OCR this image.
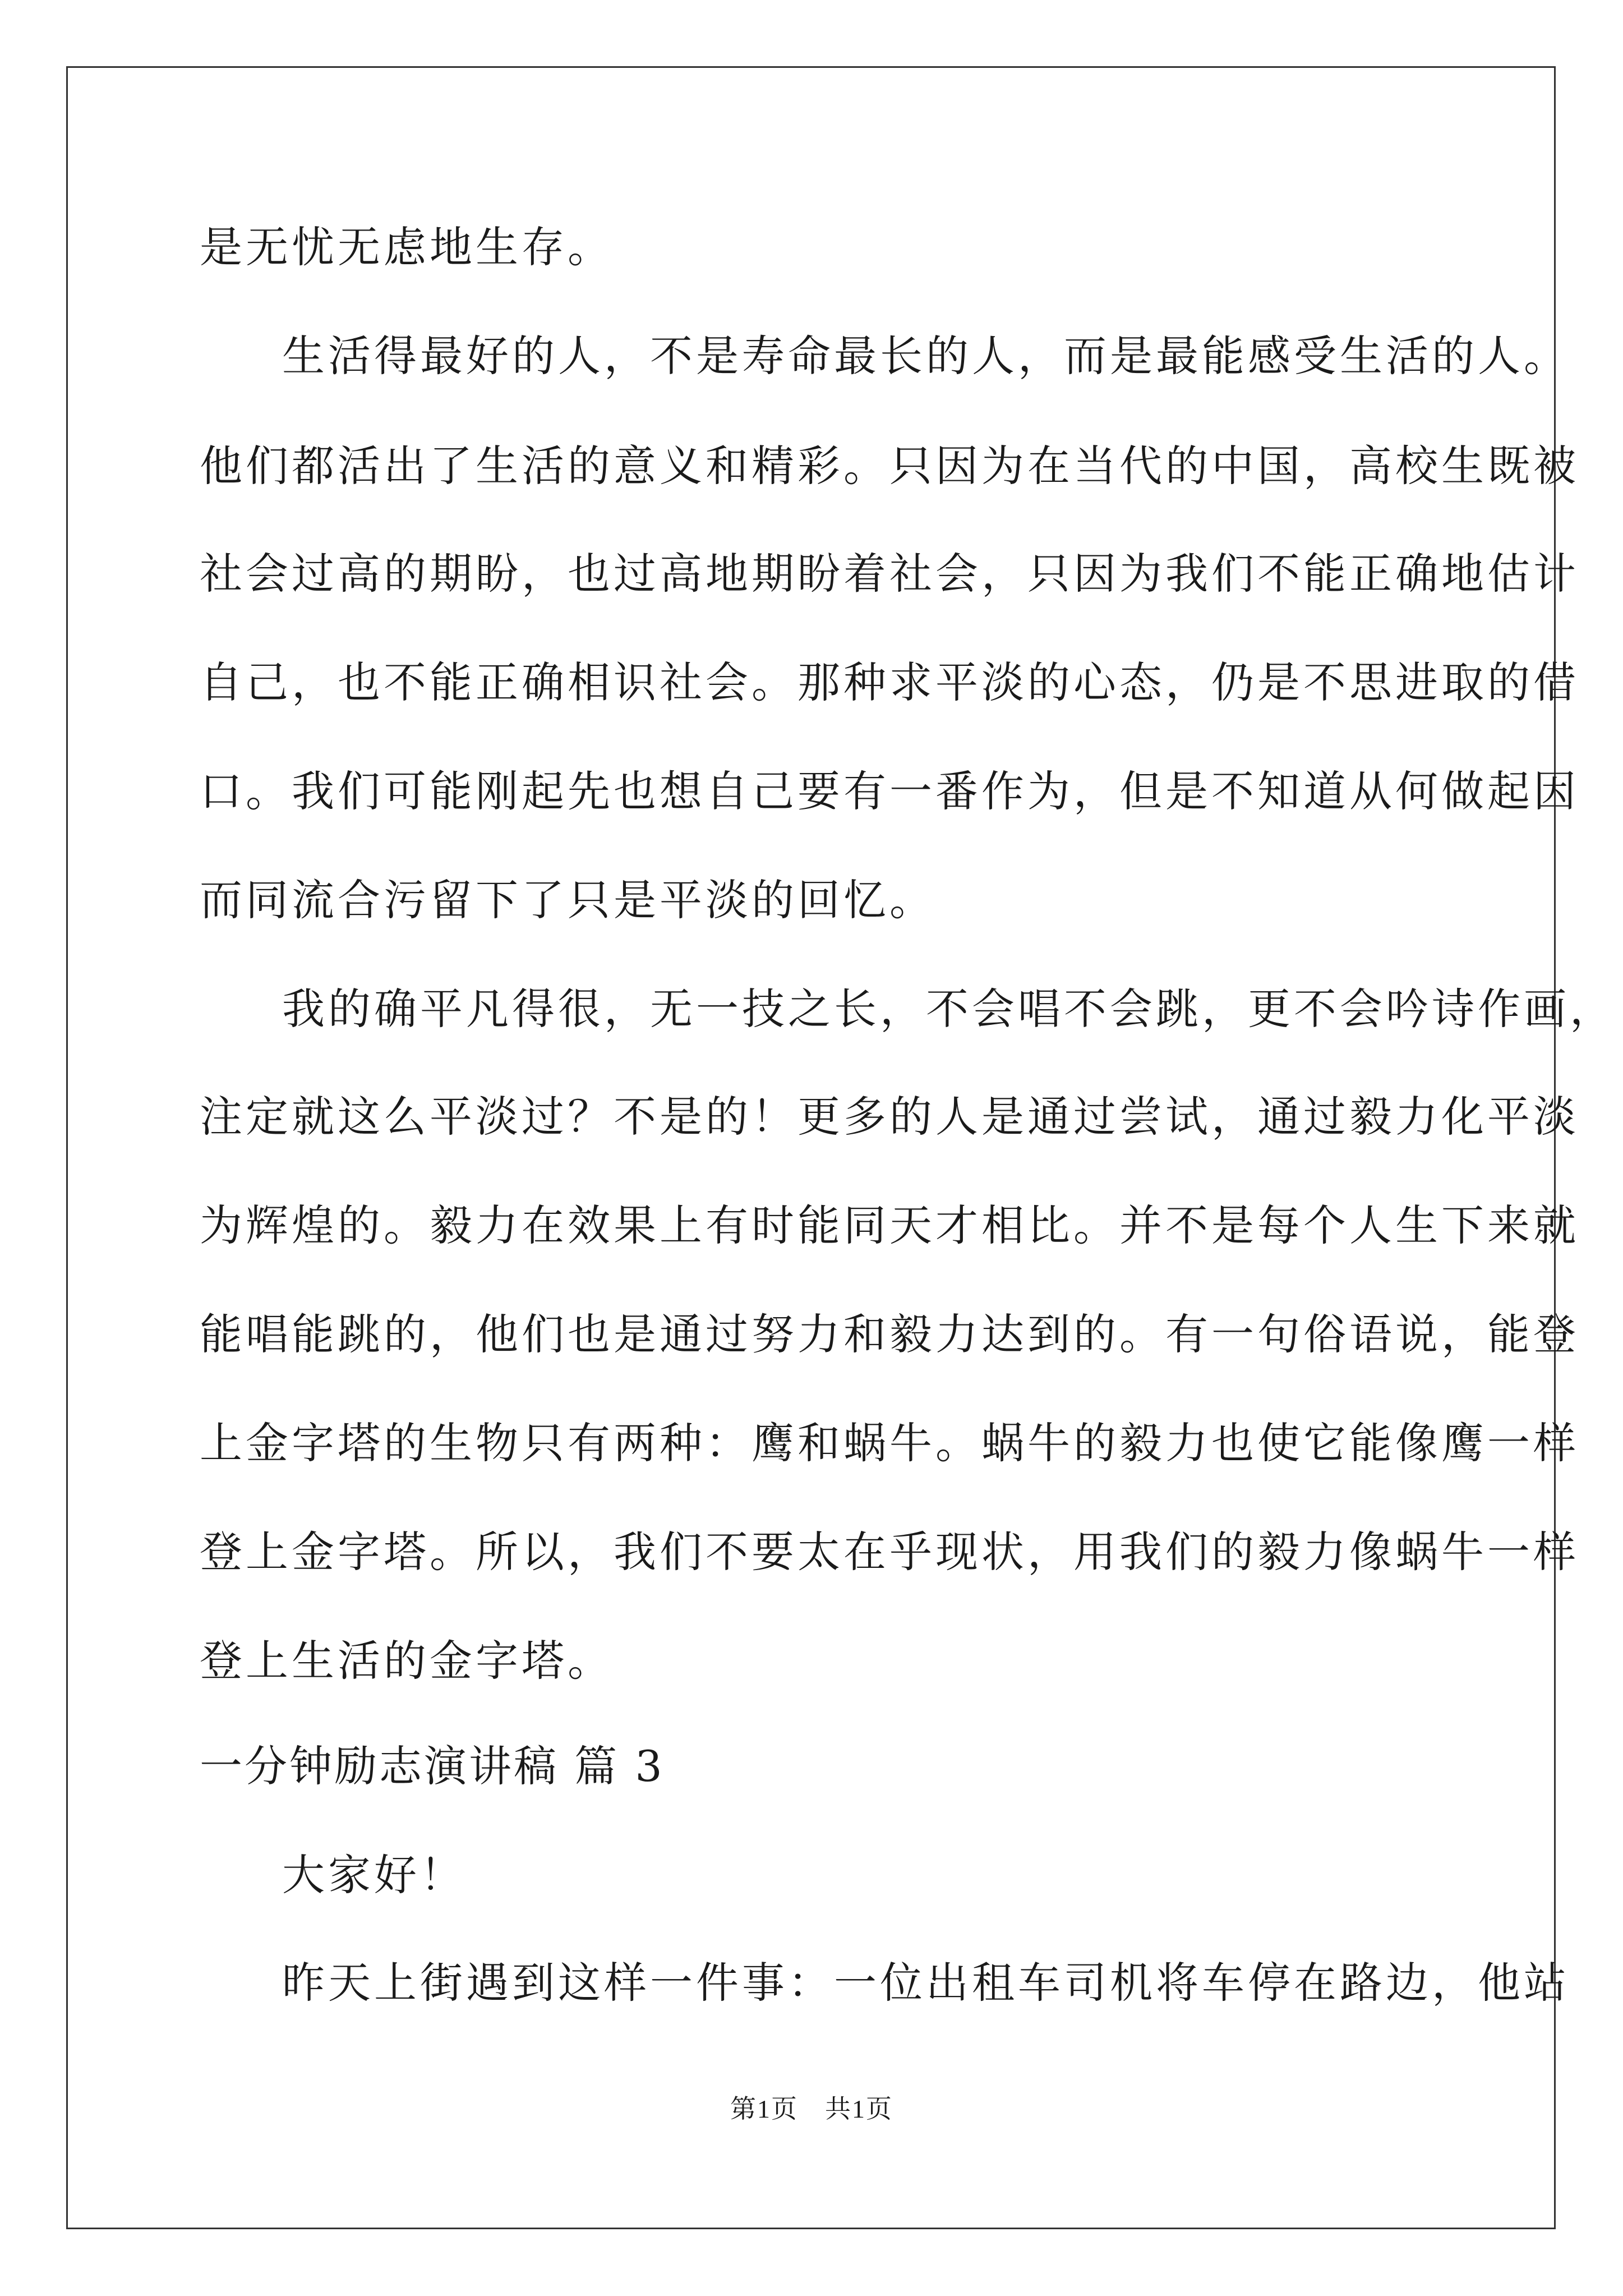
是无忧无虑地生存。

生活得最好的人，不是寿命最长的人，而是最能感受生活的人。

他们都活出了生活的意义和精彩。只因为在当代的中国，高校生既被

社会过高的期盼，也过高地期盼着社会，只因为我们不能正确地估计

自己，也不能正确相识社会。那种求平淡的心态，仍是不思进取的借

口。我们可能刚起先也想自己要有一番作为，但是不知道从何做起因

而同流合污留下了只是平淡的回忆。

我的确平凡得很，无一技之长，不会唱不会跳，更不会吟诗作画，

注定就这么平淡过？不是的！更多的人是通过尝试，通过毅力化平淡

为辉煌的。毅力在效果上有时能同天才相比。并不是每个人生下来就

能唱能跳的，他们也是通过努力和毅力达到的。有一句俗语说，能登

上金字塔的生物只有两种：鹰和蜗牛。蜗牛的毅力也使它能像鹰一样

登上金字塔。所以，我们不要太在乎现状，用我们的毅力像蜗牛一样

登上生活的金字塔。

一分钟励志演讲稿 篇 3

大家好！

昨天上街遇到这样一件事：一位出租车司机将车停在路边，他站

第1页　共1页
